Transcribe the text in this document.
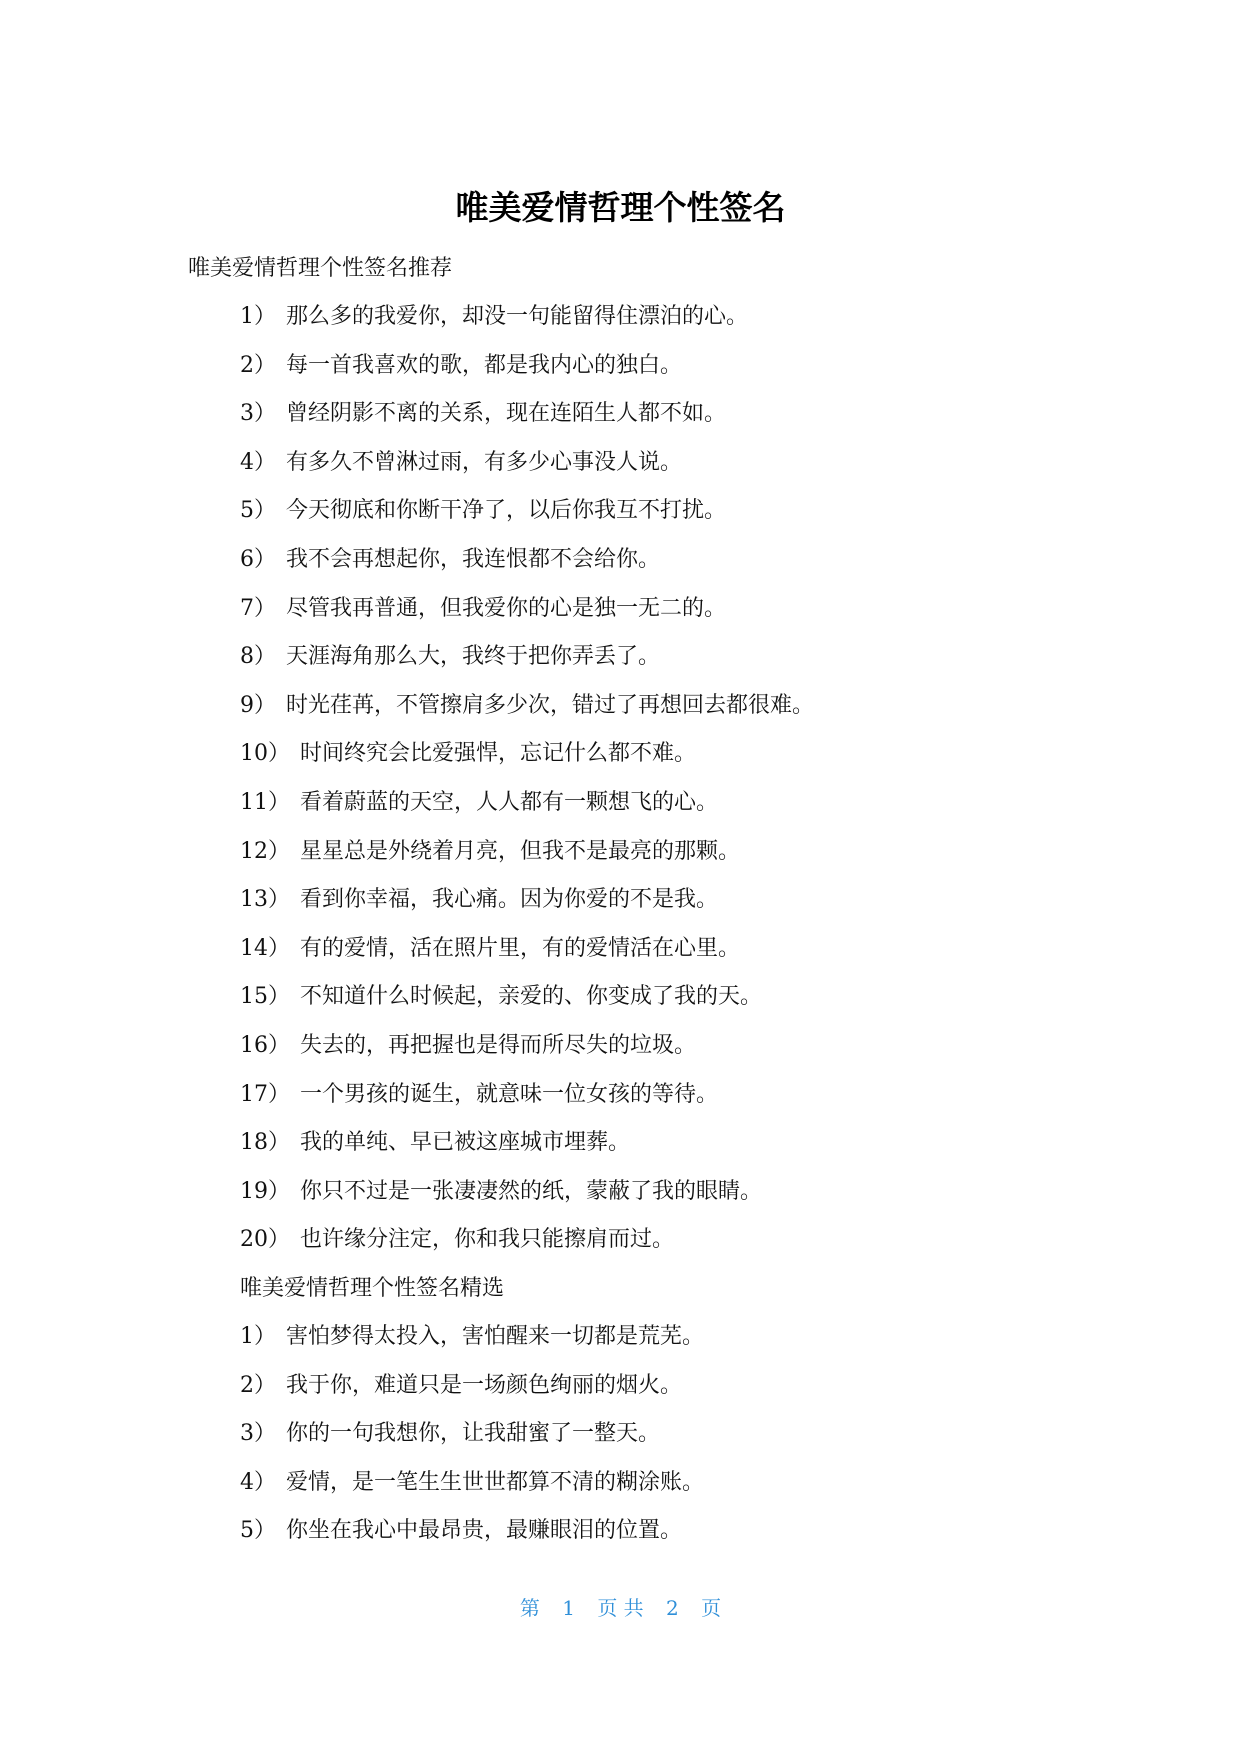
唯美爱情哲理个性签名
唯美爱情哲理个性签名推荐
1） 那么多的我爱你，却没一句能留得住漂泊的心。
2） 每一首我喜欢的歌，都是我内心的独白。
3） 曾经阴影不离的关系，现在连陌生人都不如。
4） 有多久不曾淋过雨，有多少心事没人说。
5） 今天彻底和你断干净了，以后你我互不打扰。
6） 我不会再想起你，我连恨都不会给你。
7） 尽管我再普通，但我爱你的心是独一无二的。
8） 天涯海角那么大，我终于把你弄丢了。
9） 时光荏苒，不管擦肩多少次，错过了再想回去都很难。
10） 时间终究会比爱强悍，忘记什么都不难。
11） 看着蔚蓝的天空，人人都有一颗想飞的心。
12） 星星总是外绕着月亮，但我不是最亮的那颗。
13） 看到你幸福，我心痛。因为你爱的不是我。
14） 有的爱情，活在照片里，有的爱情活在心里。
15） 不知道什么时候起，亲爱的、你变成了我的天。
16） 失去的，再把握也是得而所尽失的垃圾。
17） 一个男孩的诞生，就意味一位女孩的等待。
18） 我的单纯、早已被这座城市埋葬。
19） 你只不过是一张凄凄然的纸，蒙蔽了我的眼睛。
20） 也许缘分注定，你和我只能擦肩而过。
唯美爱情哲理个性签名精选
1） 害怕梦得太投入，害怕醒来一切都是荒芜。
2） 我于你，难道只是一场颜色绚丽的烟火。
3） 你的一句我想你，让我甜蜜了一整天。
4） 爱情，是一笔生生世世都算不清的糊涂账。
5） 你坐在我心中最昂贵，最赚眼泪的位置。
第 1 页 共 2 页
